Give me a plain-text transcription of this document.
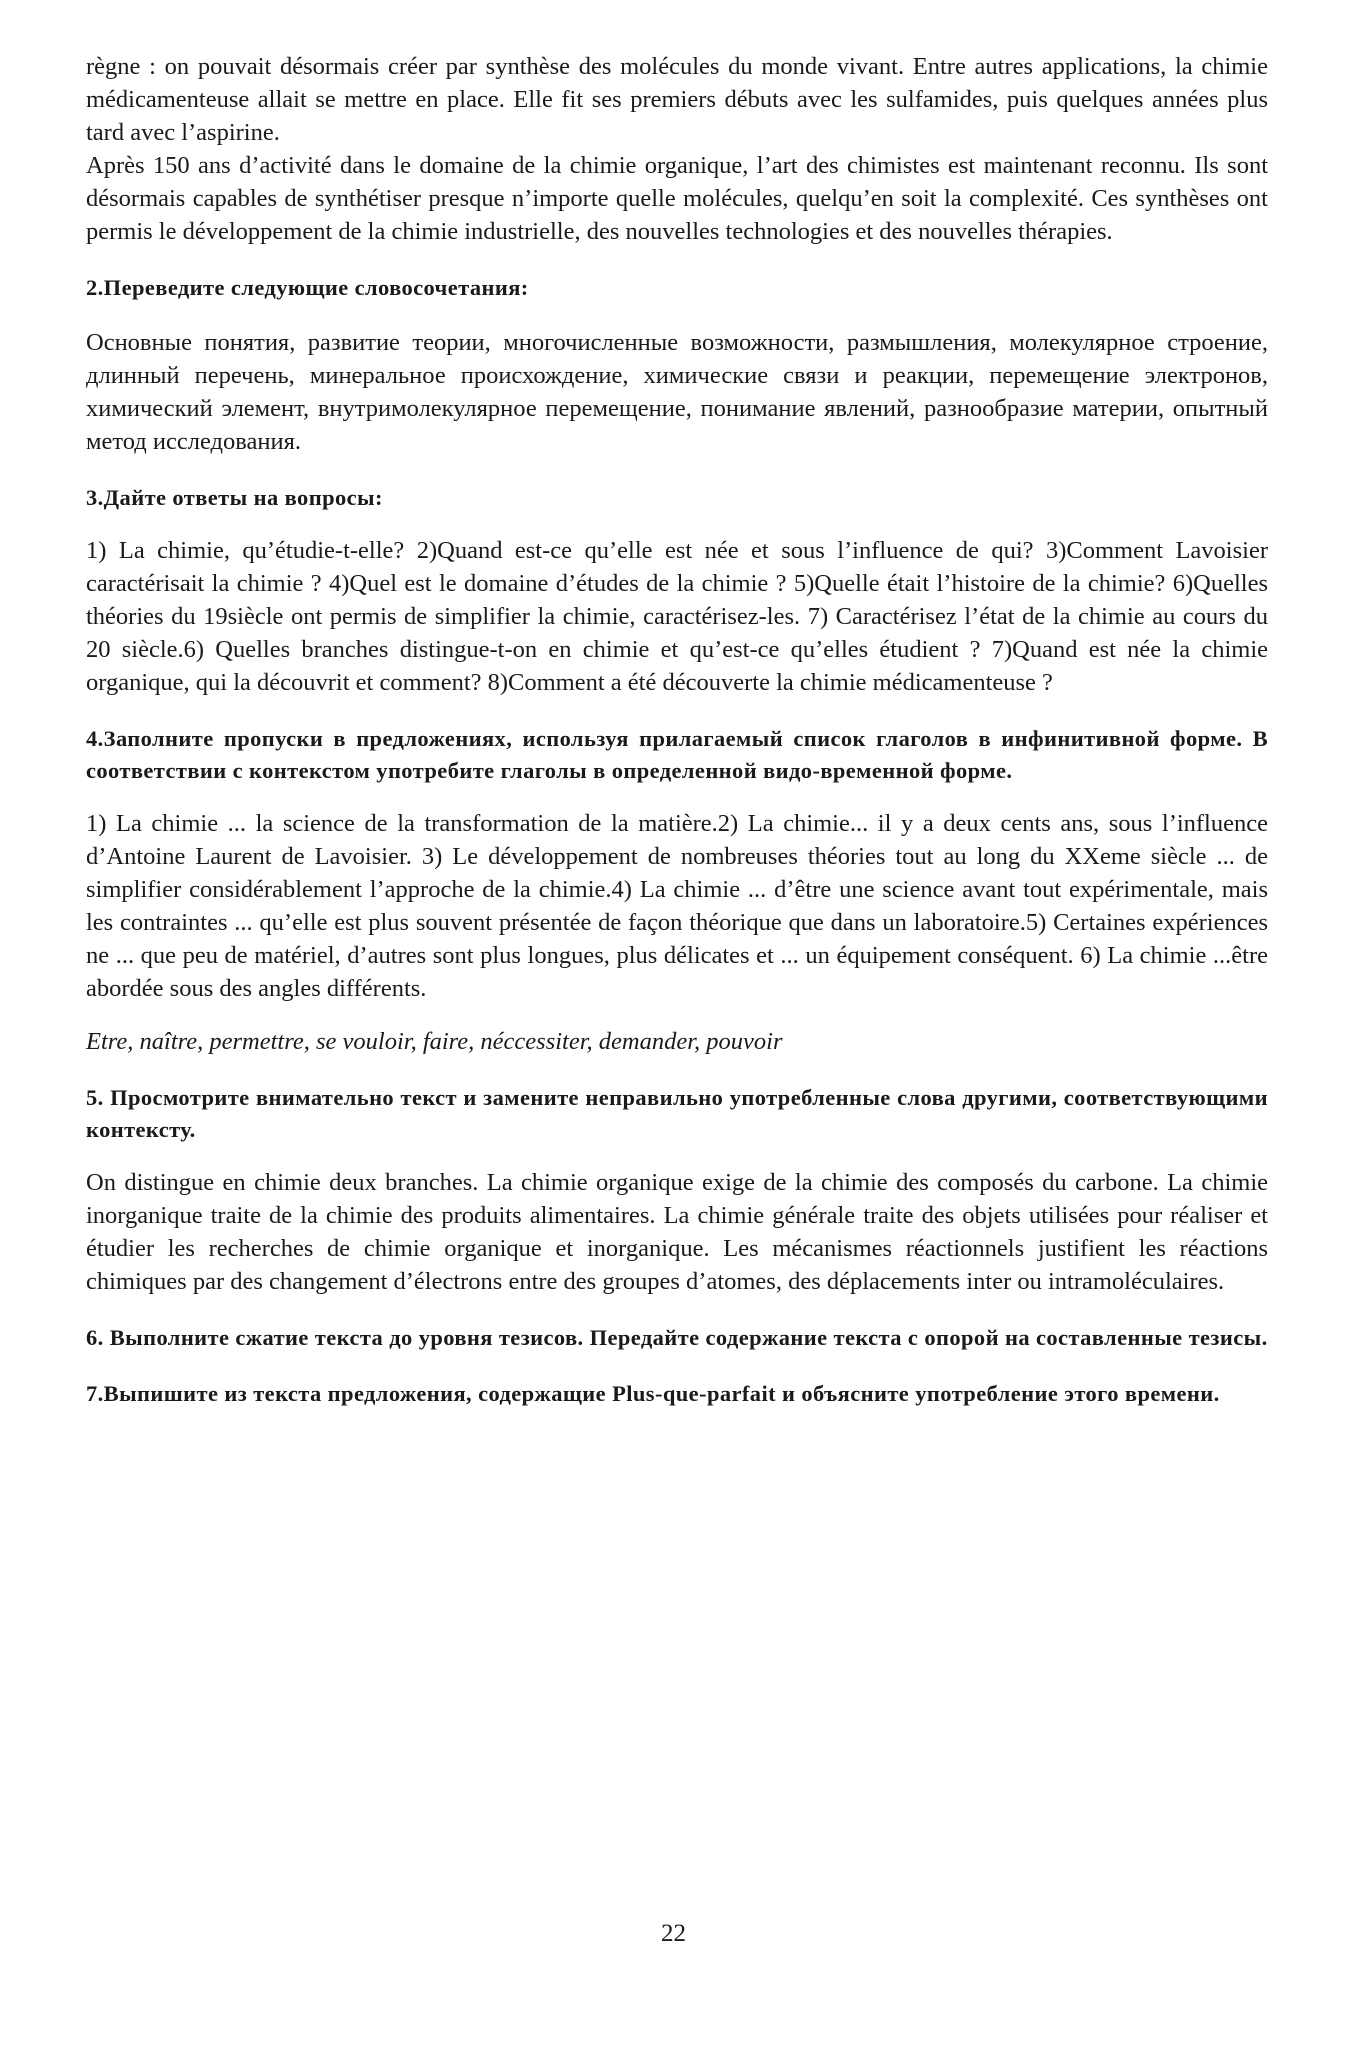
règne : on pouvait désormais créer par synthèse des molécules du monde vivant. Entre autres applications, la chimie médicamenteuse allait se mettre en place. Elle fit ses premiers débuts avec les sulfamides, puis quelques années plus tard avec l’aspirine.

Après 150 ans d’activité dans le domaine de la chimie organique, l’art des chimistes est maintenant reconnu. Ils sont désormais capables de synthétiser presque n’importe quelle molécules, quelqu’en soit la complexité. Ces synthèses ont permis le développement de la chimie industrielle, des nouvelles technologies et des nouvelles thérapies.

2.Переведите следующие словосочетания:

Основные понятия, развитие теории, многочисленные возможности, размышления, молекулярное строение, длинный перечень, минеральное происхождение, химические связи и реакции, перемещение электронов, химический элемент, внутримолекулярное перемещение, понимание явлений, разнообразие материи, опытный метод исследования.

3.Дайте ответы на вопросы:

1) La chimie, qu’étudie-t-elle? 2)Quand est-ce qu’elle est née et sous l’influence de qui? 3)Comment Lavoisier caractérisait la chimie ? 4)Quel est le domaine d’études de la chimie ? 5)Quelle était l’histoire de la chimie? 6)Quelles théories du 19siècle ont permis de simplifier la chimie, caractérisez-les. 7) Caractérisez l’état de la chimie au cours du 20 siècle.6) Quelles branches distingue-t-on en chimie et qu’est-ce qu’elles étudient ? 7)Quand est née la chimie organique, qui la découvrit et comment? 8)Comment a été découverte la chimie médicamenteuse ?

4.Заполните пропуски в предложениях, используя прилагаемый список глаголов в инфинитивной форме. В соответствии с контекстом употребите глаголы в определенной видо-временной форме.

1) La chimie ... la science de la transformation de la matière.2) La chimie... il y a deux cents ans, sous l’influence d’Antoine Laurent de Lavoisier. 3) Le développement de nombreuses théories tout au long du XXeme siècle ... de simplifier considérablement l’approche de la chimie.4) La chimie ... d’être une science avant tout expérimentale, mais les contraintes ... qu’elle est plus souvent présentée de façon théorique que dans un laboratoire.5) Certaines expériences ne ... que peu de matériel, d’autres sont plus longues, plus délicates et ... un équipement conséquent. 6) La chimie ...être abordée sous des angles différents.

Etre, naître, permettre, se vouloir, faire, néccessiter, demander, pouvoir

5. Просмотрите внимательно текст и замените неправильно употребленные слова другими, соответствующими контексту.

On distingue en chimie deux branches. La chimie organique exige de la chimie des composés du carbone. La chimie inorganique traite de la chimie des produits alimentaires. La chimie générale traite des objets utilisées pour réaliser et étudier les recherches de chimie organique et inorganique. Les mécanismes réactionnels justifient les réactions chimiques par des changement d’électrons entre des groupes d’atomes, des déplacements inter ou intramoléculaires.

6. Выполните сжатие текста до уровня тезисов. Передайте содержание текста с опорой на составленные тезисы.

7.Выпишите из текста предложения, содержащие Plus-que-parfait и объясните употребление этого времени.

22
